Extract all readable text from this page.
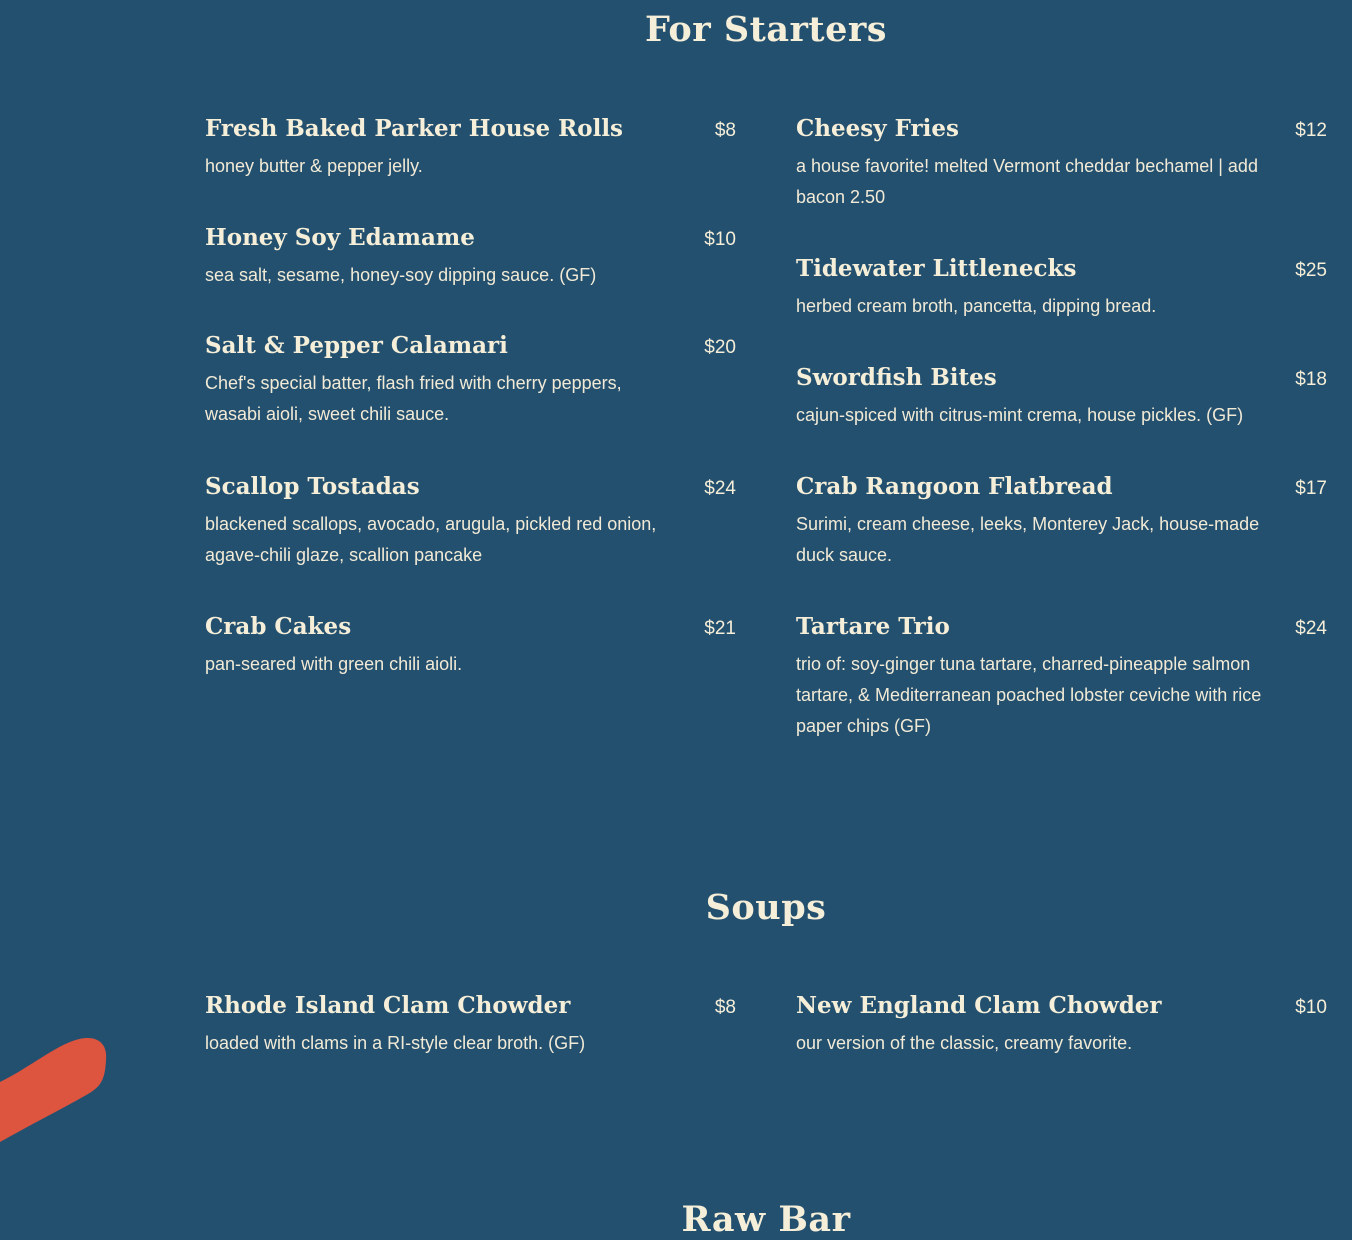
For Starters
Fresh Baked Parker House Rolls	$8
honey butter & pepper jelly.
Honey Soy Edamame	$10
sea salt, sesame, honey-soy dipping sauce. (GF)
Salt & Pepper Calamari	$20
Chef's special batter, flash fried with cherry peppers, wasabi aioli, sweet chili sauce.
Scallop Tostadas	$24
blackened scallops, avocado, arugula, pickled red onion, agave-chili glaze, scallion pancake
Crab Cakes	$21
pan-seared with green chili aioli.
Cheesy Fries	$12
a house favorite! melted Vermont cheddar bechamel | add bacon 2.50
Tidewater Littlenecks	$25
herbed cream broth, pancetta, dipping bread.
Swordfish Bites	$18
cajun-spiced with citrus-mint crema, house pickles. (GF)
Crab Rangoon Flatbread	$17
Surimi, cream cheese, leeks, Monterey Jack, house-made duck sauce.
Tartare Trio	$24
trio of: soy-ginger tuna tartare, charred-pineapple salmon tartare, & Mediterranean poached lobster ceviche with rice paper chips (GF)
Soups
Rhode Island Clam Chowder	$8
loaded with clams in a RI-style clear broth. (GF)
New England Clam Chowder	$10
our version of the classic, creamy favorite.
Raw Bar
